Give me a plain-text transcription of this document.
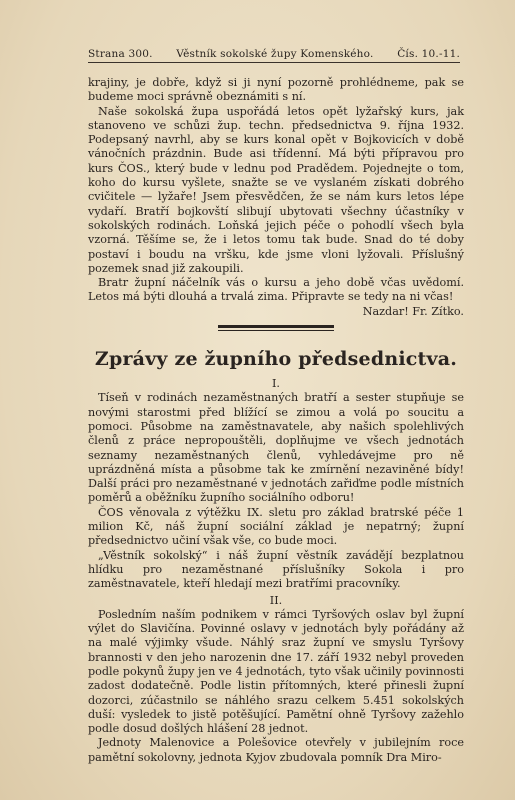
Strana 300. Věstník sokolské župy Komenského. Čís. 10.-11.

krajiny, je dobře, když si ji nyní pozorně prohlédneme, pak se budeme moci správně obeznámiti s ní.

Naše sokolská župa uspořádá letos opět lyžařský kurs, jak stanoveno ve schůzi žup. techn. předsednictva 9. října 1932. Podepsaný navrhl, aby se kurs konal opět v Bojkovicích v době vánočních prázdnin. Bude asi třídenní. Má býti přípravou pro kurs ČOS., který bude v lednu pod Pradědem. Pojednejte o tom, koho do kursu vyšlete, snažte se ve vyslaném získati dobrého cvičitele — lyžaře! Jsem přesvědčen, že se nám kurs letos lépe vydaří. Bratří bojkovští slibují ubytovati všechny účastníky v sokolských rodinách. Loňská jejich péče o pohodlí všech byla vzorná. Těšíme se, že i letos tomu tak bude. Snad do té doby postaví i boudu na vršku, kde jsme vloni lyžovali. Příslušný pozemek snad již zakoupili.

Bratr župní náčelník vás o kursu a jeho době včas uvědomí. Letos má býti dlouhá a trvalá zima. Připravte se tedy na ni včas!

Nazdar! Fr. Zítko.

Zprávy ze župního předsednictva.

I.

Tíseň v rodinách nezaměstnaných bratří a sester stupňuje se novými starostmi před blížící se zimou a volá po soucitu a pomoci. Působme na zaměstnavatele, aby našich spolehlivých členů z práce nepropouštěli, doplňujme ve všech jednotách seznamy nezaměstnaných členů, vyhledávejme pro ně uprázdněná místa a působme tak ke zmírnění nezaviněné bídy! Další práci pro nezaměstnané v jednotách zařiďme podle místních poměrů a oběžníku župního sociálního odboru!

ČOS věnovala z výtěžku IX. sletu pro základ bratrské péče 1 milion Kč, náš župní sociální základ je nepatrný; župní předsednictvo učiní však vše, co bude moci.

„Věstník sokolský“ i náš župní věstník zavádějí bezplatnou hlídku pro nezaměstnané příslušníky Sokola i pro zaměstnavatele, kteří hledají mezi bratřími pracovníky.

II.

Posledním naším podnikem v rámci Tyršových oslav byl župní výlet do Slavičína. Povinné oslavy v jednotách byly pořádány až na malé výjimky všude. Náhlý sraz župní ve smyslu Tyršovy brannosti v den jeho narozenin dne 17. září 1932 nebyl proveden podle pokynů župy jen ve 4 jednotách, tyto však učinily povinnosti zadost dodatečně. Podle listin přítomných, které přinesli župní dozorci, zúčastnilo se náhlého srazu celkem 5.451 sokolských duší: vysledek to jistě potěšující. Pamětní ohně Tyršovy zažehlo podle dosud došlých hlášení 28 jednot.

Jednoty Malenovice a Polešovice otevřely v jubilejním roce pamětní sokolovny, jednota Kyjov zbudovala pomník Dra Miro-
